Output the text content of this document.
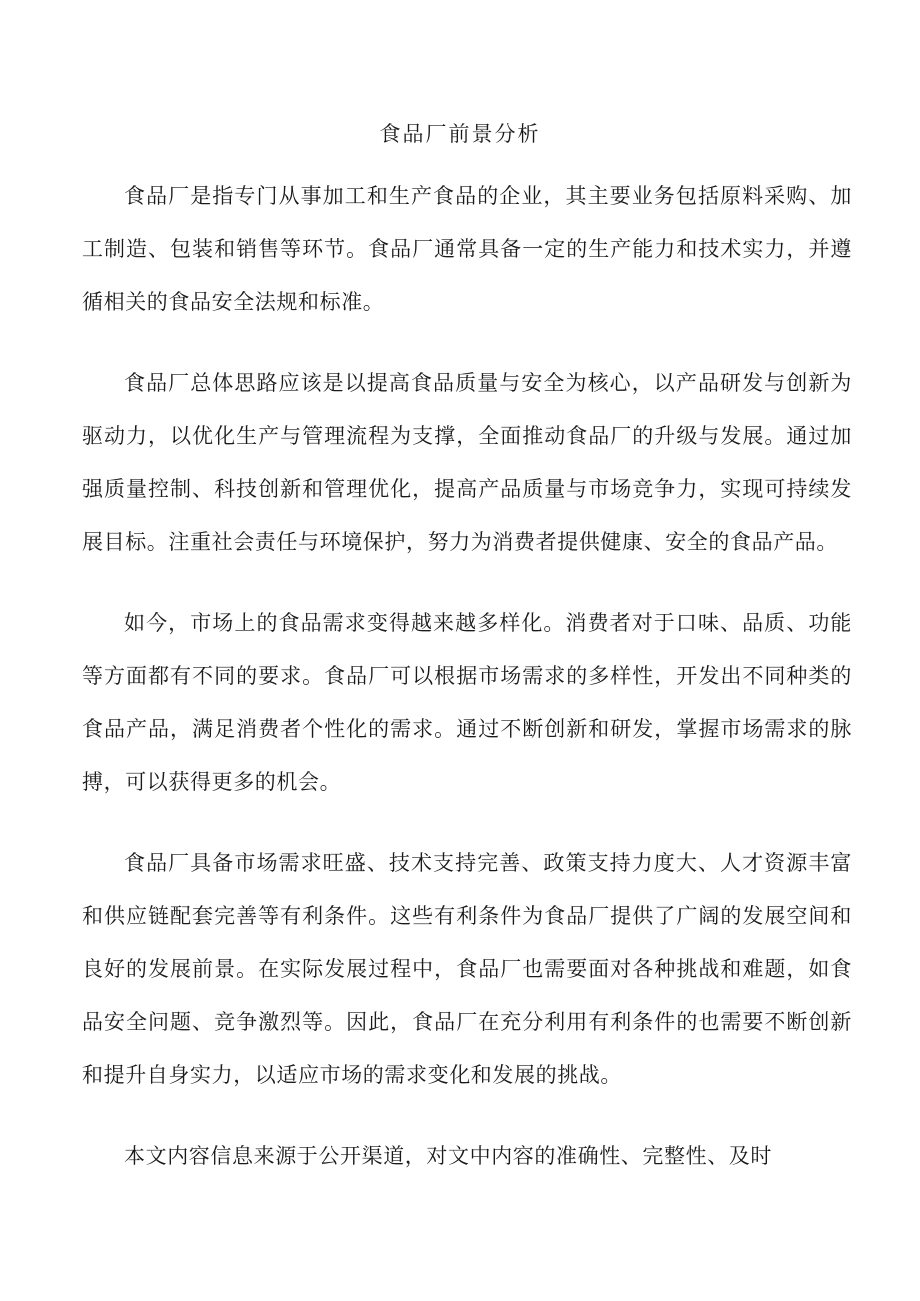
食品厂前景分析

食品厂是指专门从事加工和生产食品的企业，其主要业务包括原料采购、加工制造、包装和销售等环节。食品厂通常具备一定的生产能力和技术实力，并遵循相关的食品安全法规和标准。

食品厂总体思路应该是以提高食品质量与安全为核心，以产品研发与创新为驱动力，以优化生产与管理流程为支撑，全面推动食品厂的升级与发展。通过加强质量控制、科技创新和管理优化，提高产品质量与市场竞争力，实现可持续发展目标。注重社会责任与环境保护，努力为消费者提供健康、安全的食品产品。

如今，市场上的食品需求变得越来越多样化。消费者对于口味、品质、功能等方面都有不同的要求。食品厂可以根据市场需求的多样性，开发出不同种类的食品产品，满足消费者个性化的需求。通过不断创新和研发，掌握市场需求的脉搏，可以获得更多的机会。

食品厂具备市场需求旺盛、技术支持完善、政策支持力度大、人才资源丰富和供应链配套完善等有利条件。这些有利条件为食品厂提供了广阔的发展空间和良好的发展前景。在实际发展过程中，食品厂也需要面对各种挑战和难题，如食品安全问题、竞争激烈等。因此，食品厂在充分利用有利条件的也需要不断创新和提升自身实力，以适应市场的需求变化和发展的挑战。

本文内容信息来源于公开渠道，对文中内容的准确性、完整性、及时
